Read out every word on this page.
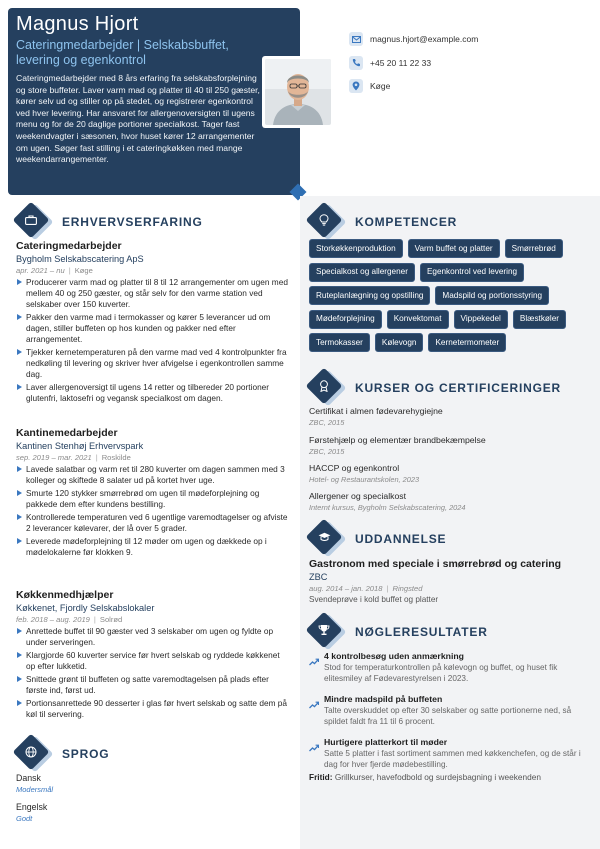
Magnus Hjort
Cateringmedarbejder | Selskabsbuffet, levering og egenkontrol
Cateringmedarbejder med 8 års erfaring fra selskabsforplejning og store buffeter. Laver varm mad og platter til 40 til 250 gæster, kører selv ud og stiller op på stedet, og registrerer egenkontrol ved hver levering. Har ansvaret for allergenoversigten til ugens menu og for de 20 daglige portioner specialkost. Tager fast weekendvagter i sæsonen, hvor huset kører 12 arrangementer om ugen. Søger fast stilling i et cateringkøkken med mange weekendarrangementer.
magnus.hjort@example.com
+45 20 11 22 33
Køge
ERHVERVSERFARING
Cateringmedarbejder
Bygholm Selskabscatering ApS
apr. 2021 – nu | Køge
Producerer varm mad og platter til 8 til 12 arrangementer om ugen med mellem 40 og 250 gæster, og står selv for den varme station ved selskaber over 150 kuverter.
Pakker den varme mad i termokasser og kører 5 leverancer ud om dagen, stiller buffeten op hos kunden og pakker ned efter arrangementet.
Tjekker kernetemperaturen på den varme mad ved 4 kontrolpunkter fra nedkøling til levering og skriver hver afvigelse i egenkontrollen samme dag.
Laver allergenoversigt til ugens 14 retter og tilbereder 20 portioner glutenfri, laktosefri og vegansk specialkost om dagen.
Kantinemedarbejder
Kantinen Stenhøj Erhvervspark
sep. 2019 – mar. 2021 | Roskilde
Lavede salatbar og varm ret til 280 kuverter om dagen sammen med 3 kolleger og skiftede 8 salater ud på kortet hver uge.
Smurte 120 stykker smørrebrød om ugen til mødeforplejning og pakkede dem efter kundens bestilling.
Kontrollerede temperaturen ved 6 ugentlige varemodtagelser og afviste 2 leverancer kølevarer, der lå over 5 grader.
Leverede mødeforplejning til 12 møder om ugen og dækkede op i mødelokalerne før klokken 9.
Køkkenmedhjælper
Køkkenet, Fjordly Selskabslokaler
feb. 2018 – aug. 2019 | Solrød
Anrettede buffet til 90 gæster ved 3 selskaber om ugen og fyldte op under serveringen.
Klargjorde 60 kuverter service før hvert selskab og ryddede køkkenet op efter lukketid.
Snittede grønt til buffeten og satte varemodtagelsen på plads efter første ind, først ud.
Portionsanrettede 90 desserter i glas før hvert selskab og satte dem på køl til servering.
SPROG
Dansk
Modersmål
Engelsk
Godt
KOMPETENCER
Storkøkkenproduktion	Varm buffet og platter	Smørrebrød
Specialkost og allergener	Egenkontrol ved levering
Ruteplanlægning og opstilling	Madspild og portionsstyring
Mødeforplejning	Konvektomat	Vippekedel	Blæstkøler
Termokasser	Kølevogn	Kernetermometer
KURSER OG CERTIFICERINGER
Certifikat i almen fødevarehygiejne
ZBC, 2015
Førstehjælp og elementær brandbekæmpelse
ZBC, 2015
HACCP og egenkontrol
Hotel- og Restaurantskolen, 2023
Allergener og specialkost
Internt kursus, Bygholm Selskabscatering, 2024
UDDANNELSE
Gastronom med speciale i smørrebrød og catering
ZBC
aug. 2014 – jan. 2018 | Ringsted
Svendeprøve i kold buffet og platter
NØGLERESULTATER
4 kontrolbesøg uden anmærkning
Stod for temperaturkontrollen på kølevogn og buffet, og huset fik elitesmiley af Fødevarestyrelsen i 2023.
Mindre madspild på buffeten
Talte overskuddet op efter 30 selskaber og satte portionerne ned, så spildet faldt fra 11 til 6 procent.
Hurtigere platterkort til møder
Satte 5 platter i fast sortiment sammen med køkkenchefen, og de står i dag for hver fjerde mødebestilling.
Fritid: Grillkurser, havefodbold og surdejsbagning i weekenden
